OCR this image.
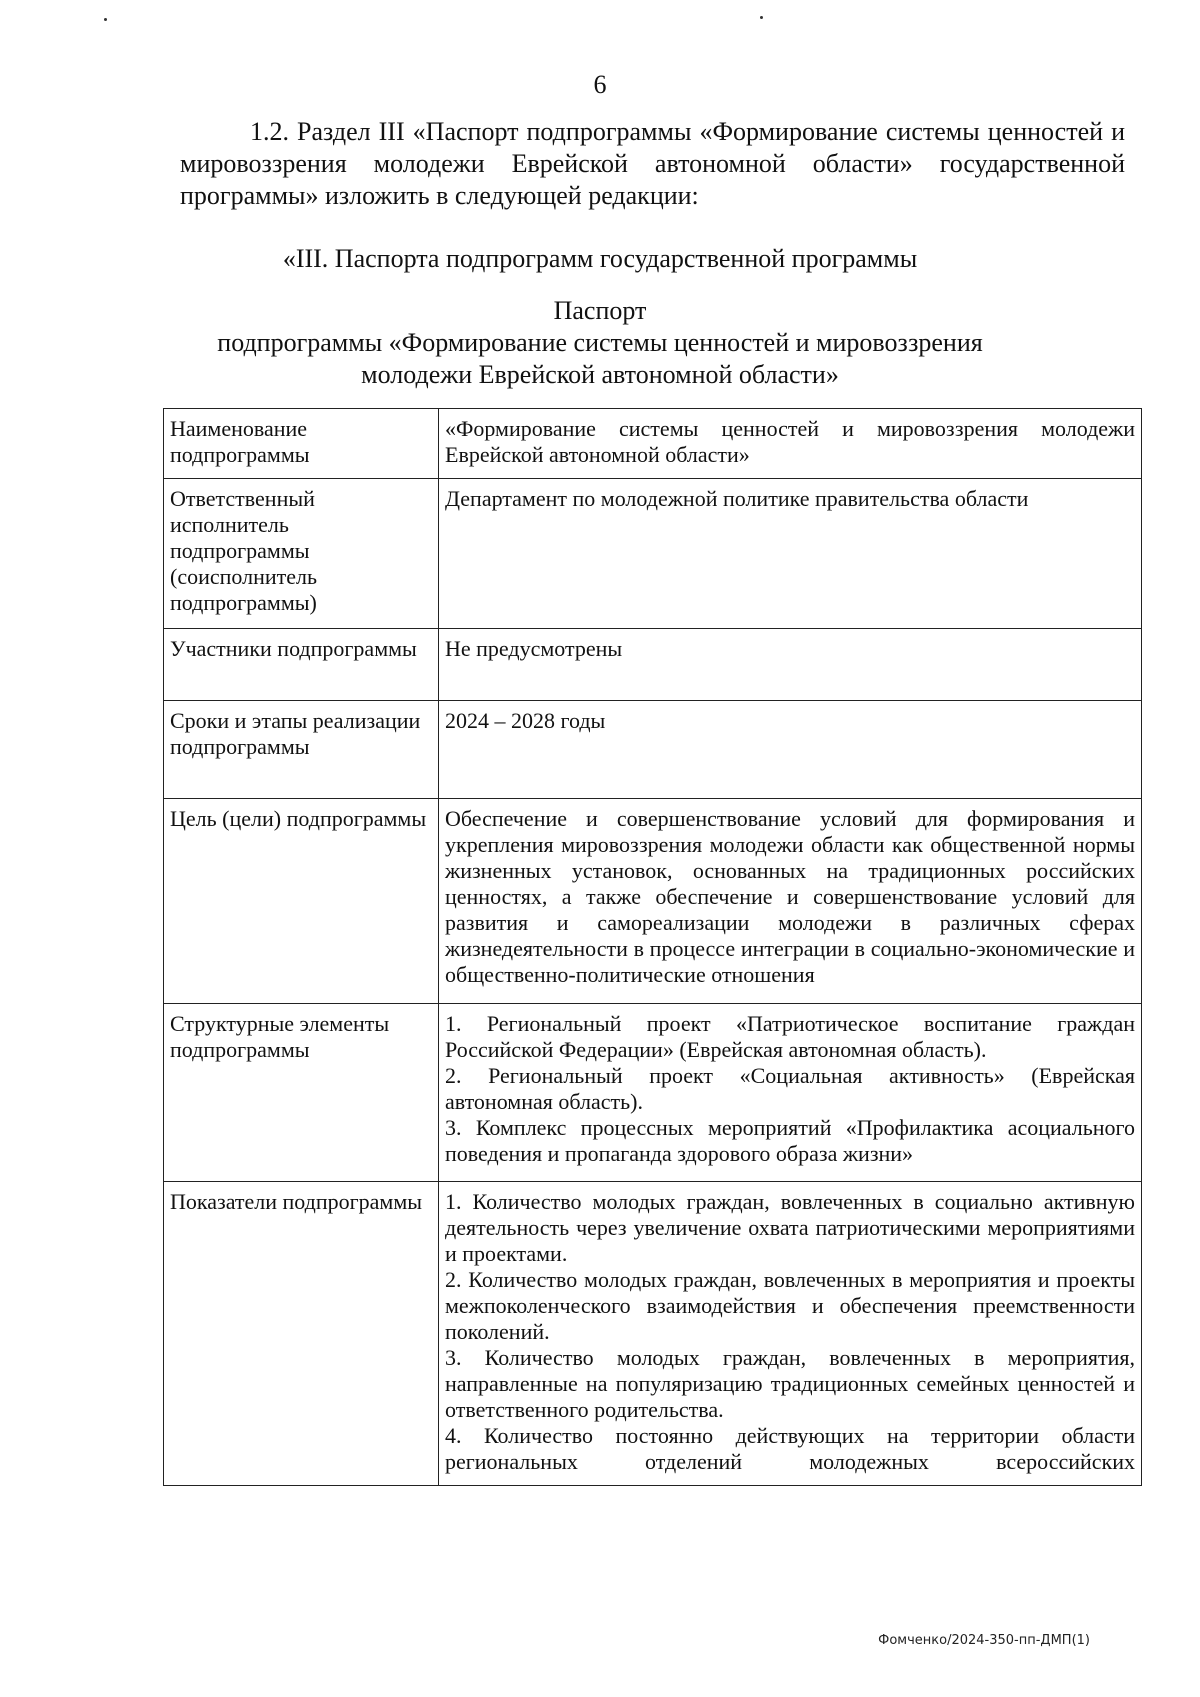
6

1.2. Раздел III «Паспорт подпрограммы «Формирование системы ценностей и мировоззрения молодежи Еврейской автономной области» государственной программы» изложить в следующей редакции:

«III. Паспорта подпрограмм государственной программы

Паспорт
подпрограммы «Формирование системы ценностей и мировоззрения
молодежи Еврейской автономной области»
Наименование подпрограммы	«Формирование системы ценностей и мировоззрения молодежи Еврейской автономной области»
Ответственный исполнитель подпрограммы (соисполнитель подпрограммы)	Департамент по молодежной политике правительства области
Участники подпрограммы	Не предусмотрены
Сроки и этапы реализации подпрограммы	2024 – 2028 годы
Цель (цели) подпрограммы	Обеспечение и совершенствование условий для формирования и укрепления мировоззрения молодежи области как общественной нормы жизненных установок, основанных на традиционных российских ценностях, а также обеспечение и совершенствование условий для развития и самореализации молодежи в различных сферах жизнедеятельности в процессе интеграции в социально-экономические и общественно-политические отношения
Структурные элементы подпрограммы	1. Региональный проект «Патриотическое воспитание граждан Российской Федерации» (Еврейская автономная область).
2. Региональный проект «Социальная активность» (Еврейская автономная область).
3. Комплекс процессных мероприятий «Профилактика асоциального поведения и пропаганда здорового образа жизни»

Показатели подпрограммы	1. Количество молодых граждан, вовлеченных в социально активную деятельность через увеличение охвата патриотическими мероприятиями и проектами.
2. Количество молодых граждан, вовлеченных в мероприятия и проекты межпоколенческого взаимодействия и обеспечения преемственности поколений.
3. Количество молодых граждан, вовлеченных в мероприятия, направленные на популяризацию традиционных семейных ценностей и ответственного родительства.
4. Количество постоянно действующих на территории области региональных отделений молодежных всероссийских
Фомченко/2024-350-пп-ДМП(1)
